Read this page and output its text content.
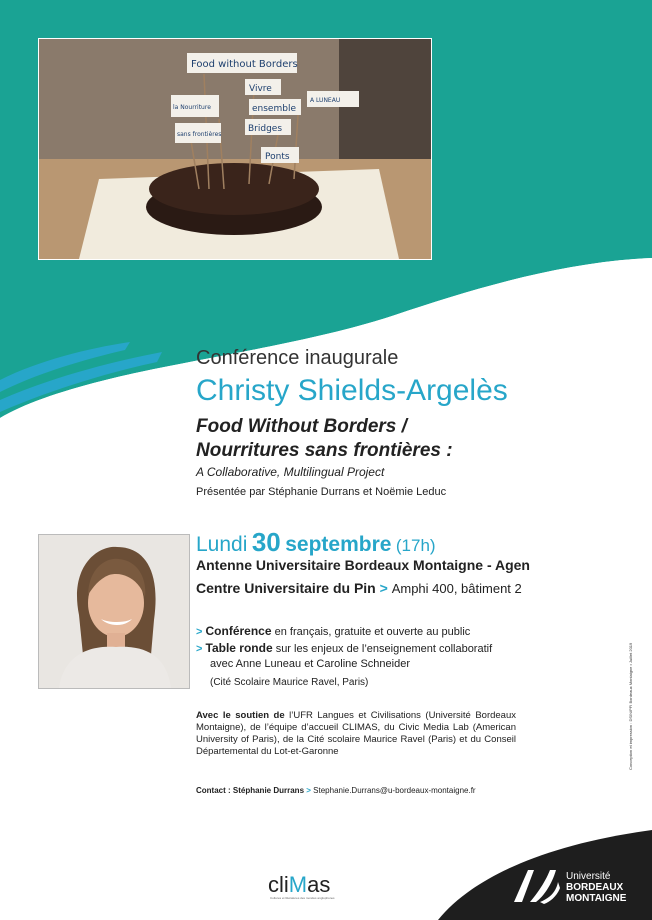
Food without Borders
Vivre
ensemble
A LUNEAU
Bridges
Ponts
la Nourriture
sans frontières
Conférence inaugurale
Christy Shields-Argelès
Food Without Borders /
Nourritures sans frontières :
A Collaborative, Multilingual Project
Présentée par Stéphanie Durrans et Noëmie Leduc
Lundi 30 septembre (17h)
Antenne Universitaire Bordeaux Montaigne - Agen
Centre Universitaire du Pin > Amphi 400, bâtiment 2
> Conférence en français, gratuite et ouverte au public
> Table ronde sur les enjeux de l’enseignement collaboratif
avec Anne Luneau et Caroline Schneider
(Cité Scolaire Maurice Ravel, Paris)
Avec le soutien de l’UFR Langues et Civilisations (Université Bordeaux Montaigne), de l’équipe d’accueil CLIMAS, du Civic Media Lab (American University of Paris), de la Cité scolaire Maurice Ravel (Paris) et du Conseil Départemental du Lot-et-Garonne
Contact : Stéphanie Durrans > Stephanie.Durrans@u-bordeaux-montaigne.fr
Conception et impression : DSIN/PFI Bordeaux Montaigne • Juillet 2019
cliMas
Cultures et littératures des mondes anglophones
Université
BORDEAUX
MONTAIGNE
